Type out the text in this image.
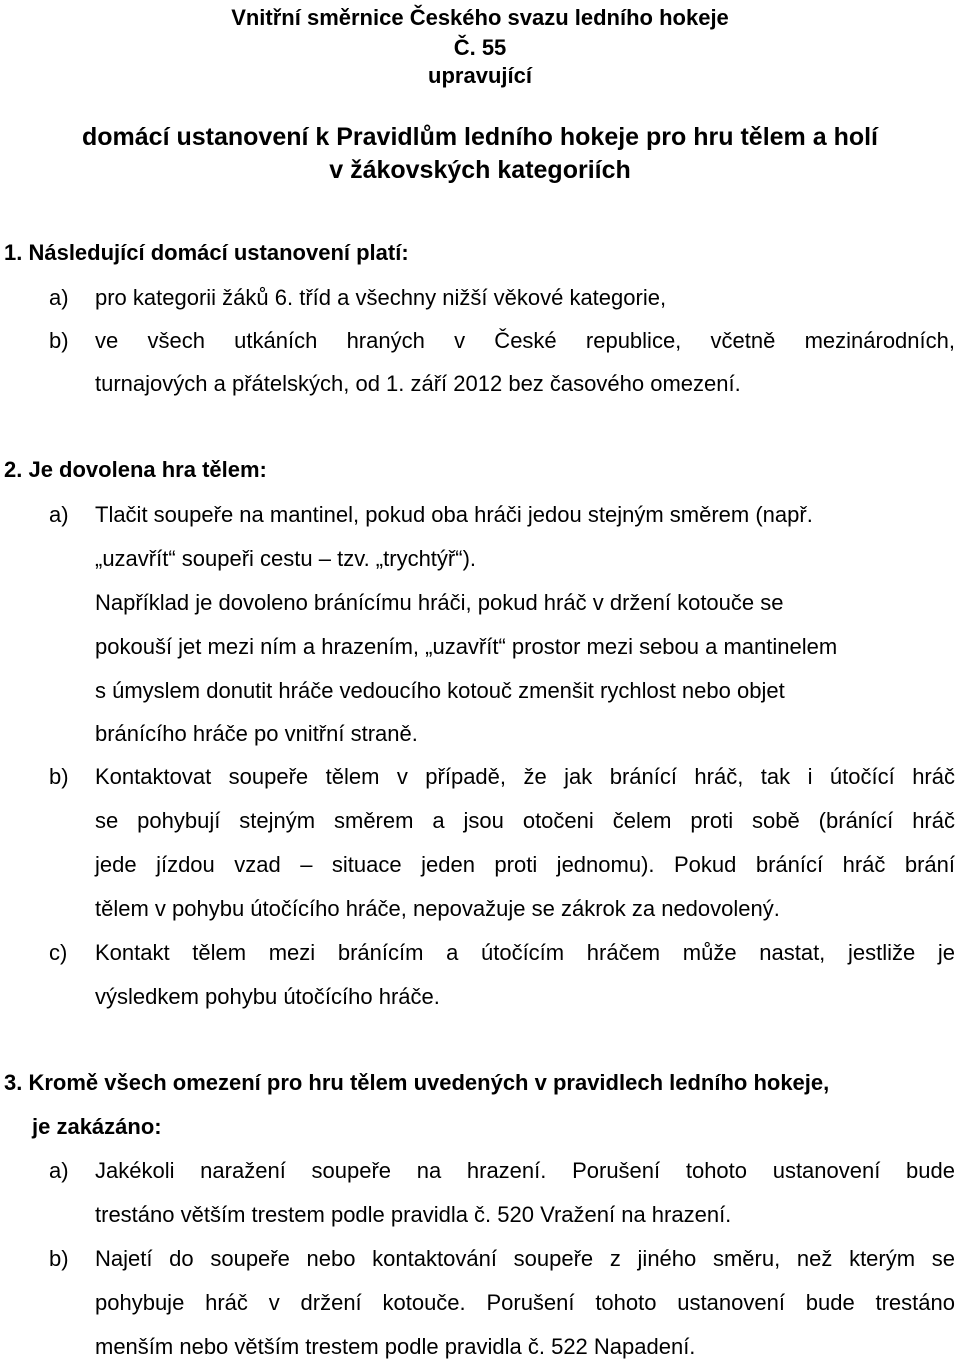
Vnitřní směrnice Českého svazu ledního hokeje
Č. 55
upravující
domácí ustanovení k Pravidlům ledního hokeje pro hru tělem a holí
v žákovských kategoriích
1. Následující domácí ustanovení platí:
a) pro kategorii žáků 6. tříd a všechny nižší věkové kategorie,
b) ve všech utkáních hraných v České republice, včetně mezinárodních,
turnajových a přátelských, od 1. září 2012 bez časového omezení.
2. Je dovolena hra tělem:
a) Tlačit soupeře na mantinel, pokud oba hráči jedou stejným směrem (např.
„uzavřít“ soupeři cestu – tzv. „trychtýř“).
Například je dovoleno bránícímu hráči, pokud hráč v držení kotouče se
pokouší jet mezi ním a hrazením, „uzavřít“ prostor mezi sebou a mantinelem
s úmyslem donutit hráče vedoucího kotouč zmenšit rychlost nebo objet
bránícího hráče po vnitřní straně.
b) Kontaktovat soupeře tělem v případě, že jak bránící hráč, tak i útočící hráč
se pohybují stejným směrem a jsou otočeni čelem proti sobě (bránící hráč
jede jízdou vzad – situace jeden proti jednomu). Pokud bránící hráč brání
tělem v pohybu útočícího hráče, nepovažuje se zákrok za nedovolený.
c) Kontakt tělem mezi bránícím a útočícím hráčem může nastat, jestliže je
výsledkem pohybu útočícího hráče.
3. Kromě všech omezení pro hru tělem uvedených v pravidlech ledního hokeje,
je zakázáno:
a) Jakékoli naražení soupeře na hrazení. Porušení tohoto ustanovení bude
trestáno větším trestem podle pravidla č. 520 Vražení na hrazení.
b) Najetí do soupeře nebo kontaktování soupeře z jiného směru, než kterým se
pohybuje hráč v držení kotouče. Porušení tohoto ustanovení bude trestáno
menším nebo větším trestem podle pravidla č. 522 Napadení.
